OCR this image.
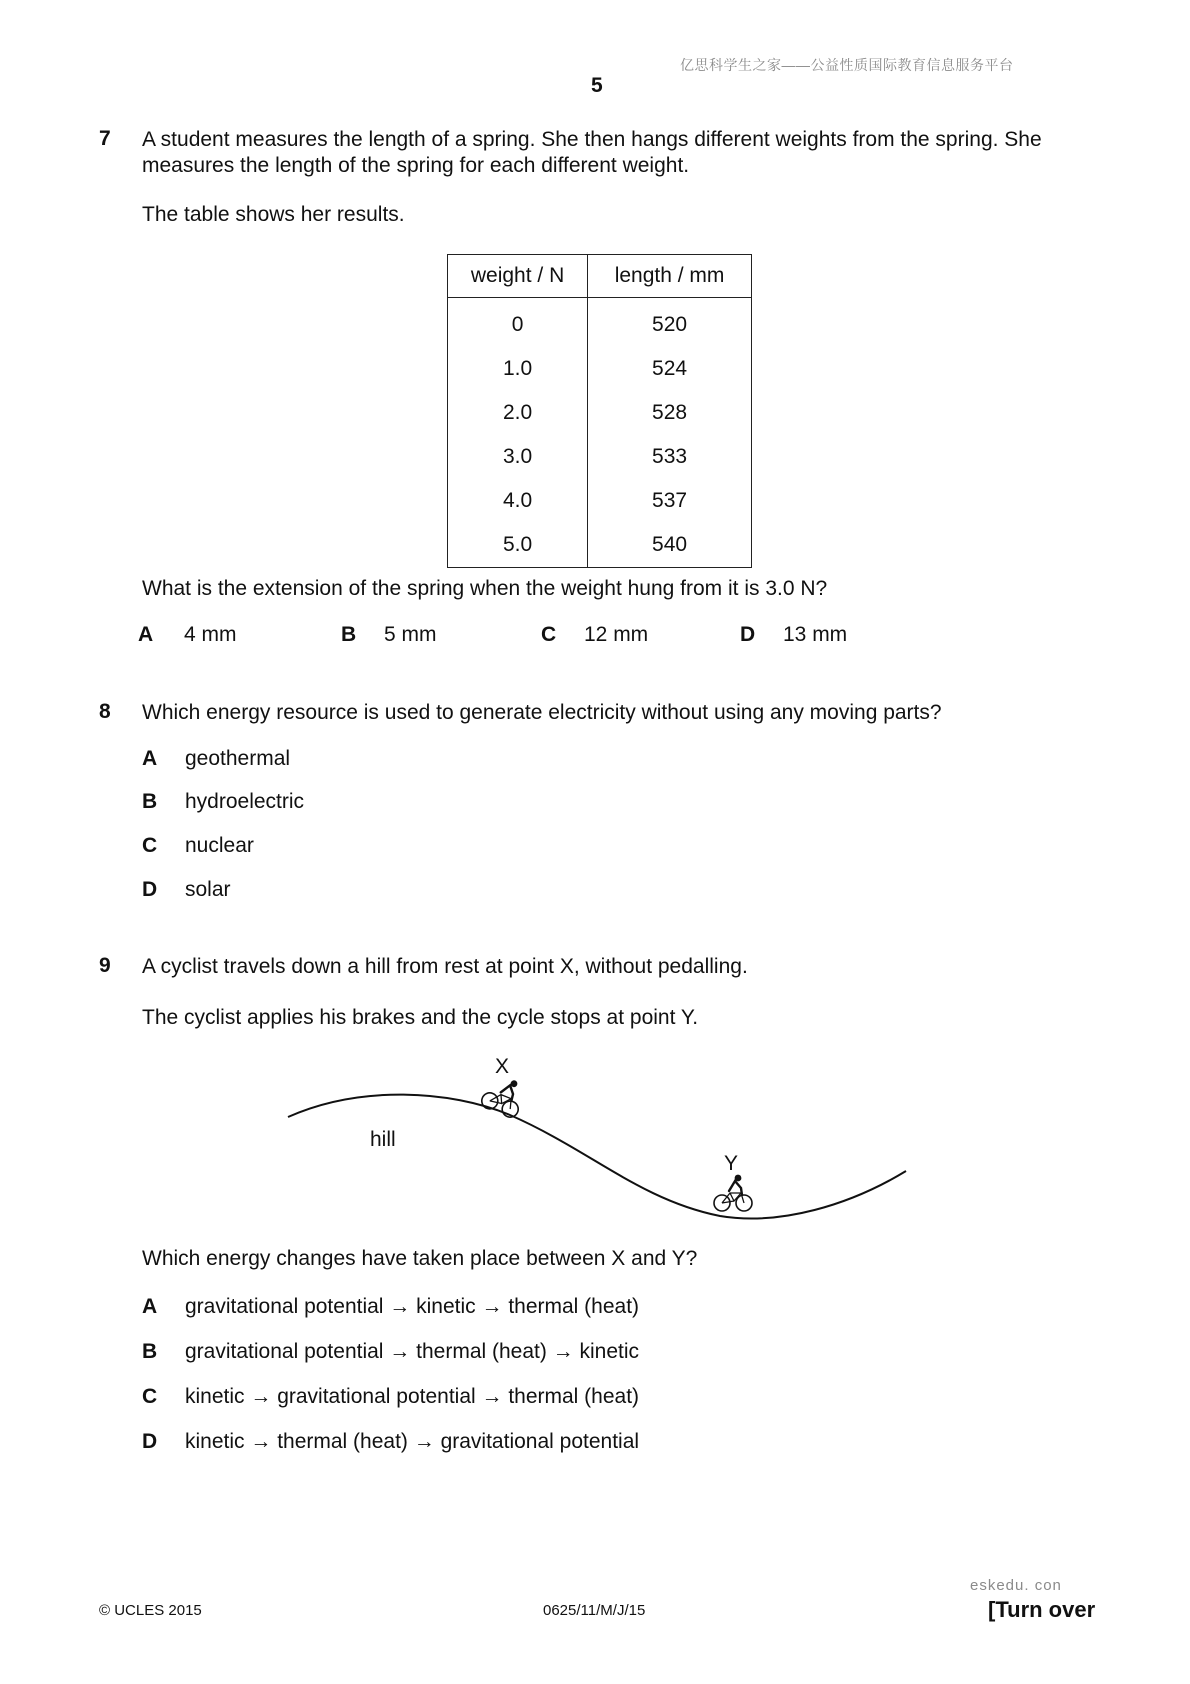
亿思科学生之家——公益性质国际教育信息服务平台
5
7 A student measures the length of a spring. She then hangs different weights from the spring. She
measures the length of the spring for each different weight.
The table shows her results.
weight / N	length / mm
0	520
1.0	524
2.0	528
3.0	533
4.0	537
5.0	540
What is the extension of the spring when the weight hung from it is 3.0 N?
A 4 mm	B 5 mm	C 12 mm	D 13 mm
8 Which energy resource is used to generate electricity without using any moving parts?
A geothermal
B hydroelectric
C nuclear
D solar
9 A cyclist travels down a hill from rest at point X, without pedalling.
The cyclist applies his brakes and the cycle stops at point Y.
X
Y
hill
Which energy changes have taken place between X and Y?
A gravitational potential → kinetic → thermal (heat)
B gravitational potential → thermal (heat) → kinetic
C kinetic → gravitational potential → thermal (heat)
D kinetic → thermal (heat) → gravitational potential
eskedu. con
© UCLES 2015	0625/11/M/J/15	[Turn over
